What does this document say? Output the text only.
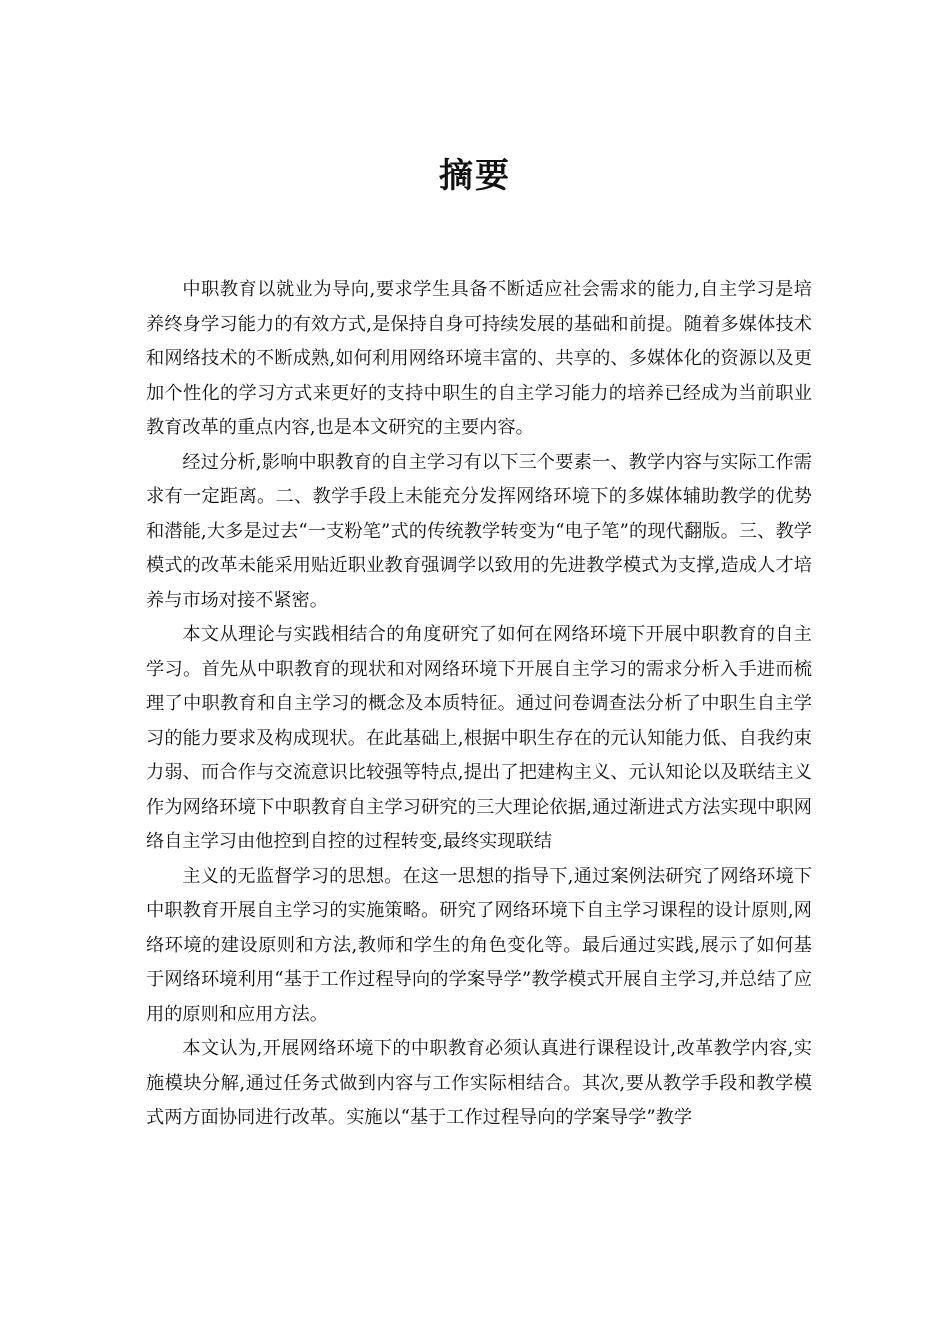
摘要

中职教育以就业为导向,要求学生具备不断适应社会需求的能力,自主学习是培养终身学习能力的有效方式,是保持自身可持续发展的基础和前提。随着多媒体技术和网络技术的不断成熟,如何利用网络环境丰富的、共享的、多媒体化的资源以及更加个性化的学习方式来更好的支持中职生的自主学习能力的培养已经成为当前职业教育改革的重点内容,也是本文研究的主要内容。

经过分析,影响中职教育的自主学习有以下三个要素一、教学内容与实际工作需求有一定距离。二、教学手段上未能充分发挥网络环境下的多媒体辅助教学的优势和潜能,大多是过去“一支粉笔”式的传统教学转变为“电子笔”的现代翻版。三、教学模式的改革未能采用贴近职业教育强调学以致用的先进教学模式为支撑,造成人才培养与市场对接不紧密。

本文从理论与实践相结合的角度研究了如何在网络环境下开展中职教育的自主学习。首先从中职教育的现状和对网络环境下开展自主学习的需求分析入手进而梳理了中职教育和自主学习的概念及本质特征。通过问卷调查法分析了中职生自主学习的能力要求及构成现状。在此基础上,根据中职生存在的元认知能力低、自我约束力弱、而合作与交流意识比较强等特点,提出了把建构主义、元认知论以及联结主义作为网络环境下中职教育自主学习研究的三大理论依据,通过渐进式方法实现中职网络自主学习由他控到自控的过程转变,最终实现联结

主义的无监督学习的思想。在这一思想的指导下,通过案例法研究了网络环境下中职教育开展自主学习的实施策略。研究了网络环境下自主学习课程的设计原则,网络环境的建设原则和方法,教师和学生的角色变化等。最后通过实践,展示了如何基于网络环境利用“基于工作过程导向的学案导学”教学模式开展自主学习,并总结了应用的原则和应用方法。

本文认为,开展网络环境下的中职教育必须认真进行课程设计,改革教学内容,实施模块分解,通过任务式做到内容与工作实际相结合。其次,要从教学手段和教学模式两方面协同进行改革。实施以“基于工作过程导向的学案导学”教学
